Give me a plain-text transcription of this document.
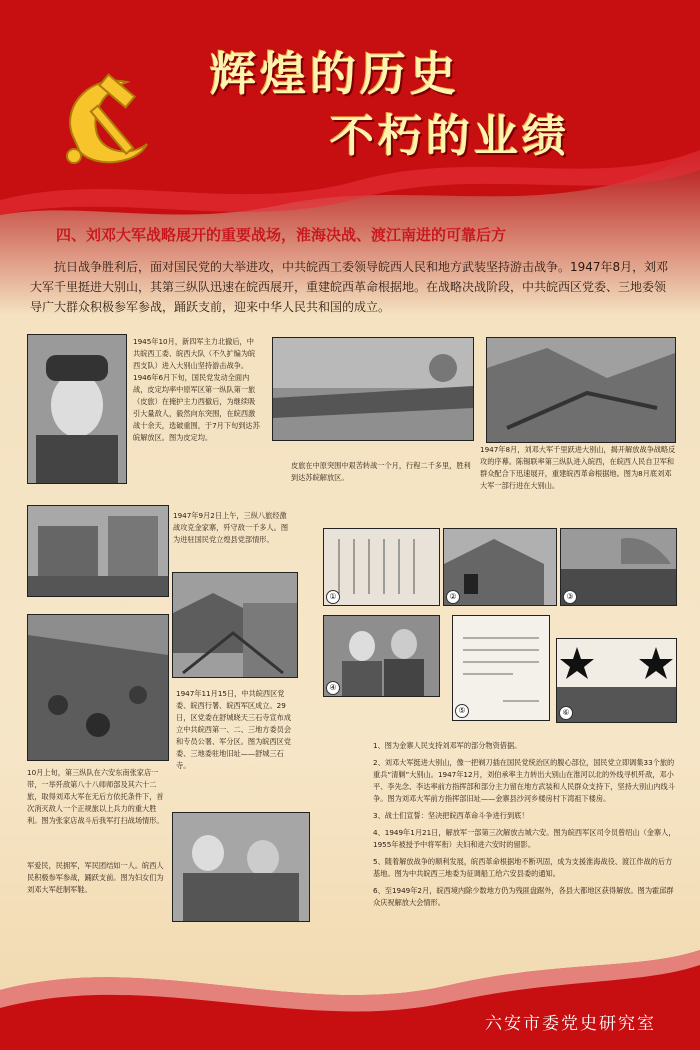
辉煌的历史
不朽的业绩
四、刘邓大军战略展开的重要战场，淮海决战、渡江南进的可靠后方
抗日战争胜利后，面对国民党的大举进攻，中共皖西工委领导皖西人民和地方武装坚持游击战争。1947年8月，刘邓大军千里挺进大别山，其第三纵队迅速在皖西展开，重建皖西革命根据地。在战略决战阶段，中共皖西区党委、三地委领导广大群众积极参军参战，踊跃支前，迎来中华人民共和国的成立。
1945年10月，新四军主力北撤后，中共皖西工委、皖西大队（不久扩编为皖西支队）进入大别山坚持游击战争。1946年6月下旬，国民党发动全面内战，皮定均率中原军区第一纵队第一旅（皮旅）在掩护主力西撤后，为继续吸引大量敌人，毅然向东突围，在皖西激战十余天，选破重围，于7月下旬到达苏皖解放区。图为皮定均。
皮旅在中原突围中艰苦转战一个月，行程二千多里，胜利到达苏皖解放区。
1947年8月，刘邓大军千里跃进大别山，揭开解放战争战略反攻的序幕。陈锡联率第三纵队进入皖西，在皖西人民自卫军和群众配合下迅速展开，重建皖西革命根据地。图为8月底刘邓大军一部行进在大别山。
1947年9月2日上午，三纵八旅经激战攻克金家寨，歼守敌一千多人。图为进驻国民党立煌县党部情形。
1947年11月15日，中共皖西区党委、皖西行署、皖西军区成立。29日，区党委在舒城晓天三石寺宣布成立中共皖西第一、二、三地方委员会和专员公署、军分区。图为皖西区党委、三地委驻地旧址——舒城三石寺。
10月上旬，第三纵队在六安东南张家店一带，一举歼敌第八十八师师部及其六十二旅，取得刘邓大军在无后方依托条件下，首次消灭敌人一个正规旅以上兵力的重大胜利。图为张家店战斗后我军打扫战场情形。
军爱民，民拥军，军民团结如一人。皖西人民积极参军参战，踊跃支前。图为妇女们为刘邓大军赶制军鞋。
①	②	③
④
⑤	⑥

1、图为金寨人民支持刘邓军的部分物资借据。

2、刘邓大军挺进大别山，像一把剃刀插在国民党统治区的腹心部位，国民党立即调集33个旅的重兵“清剿”大别山。1947年12月，刘伯承率主力转出大别山在淮河以北的外线寻机歼敌，邓小平、李先念、李达率前方指挥部和部分主力留在地方武装和人民群众支持下，坚持大别山内线斗争。图为刘邓大军前方指挥部旧址——金寨县沙河乡楼房村下湾祖下楼房。

3、战士们宣誓：坚决把皖西革命斗争进行到底！

4、1949年1月21日，解放军一部第三次解放古城六安。图为皖西军区司令员曾绍山（金寨人，1955年被授予中将军衔）夫妇和进六安时的留影。

5、随着解放战争的顺利发展，皖西革命根据地不断巩固，成为支援淮海战役、渡江作战的后方基地。图为中共皖西三地委为征调船工给六安县委的通知。

6、至1949年2月，皖西境内除少数地方仍为残匪盘踞外，各县大都地区获得解放。图为霍邱群众庆祝解放大会情形。

六安市委党史研究室
